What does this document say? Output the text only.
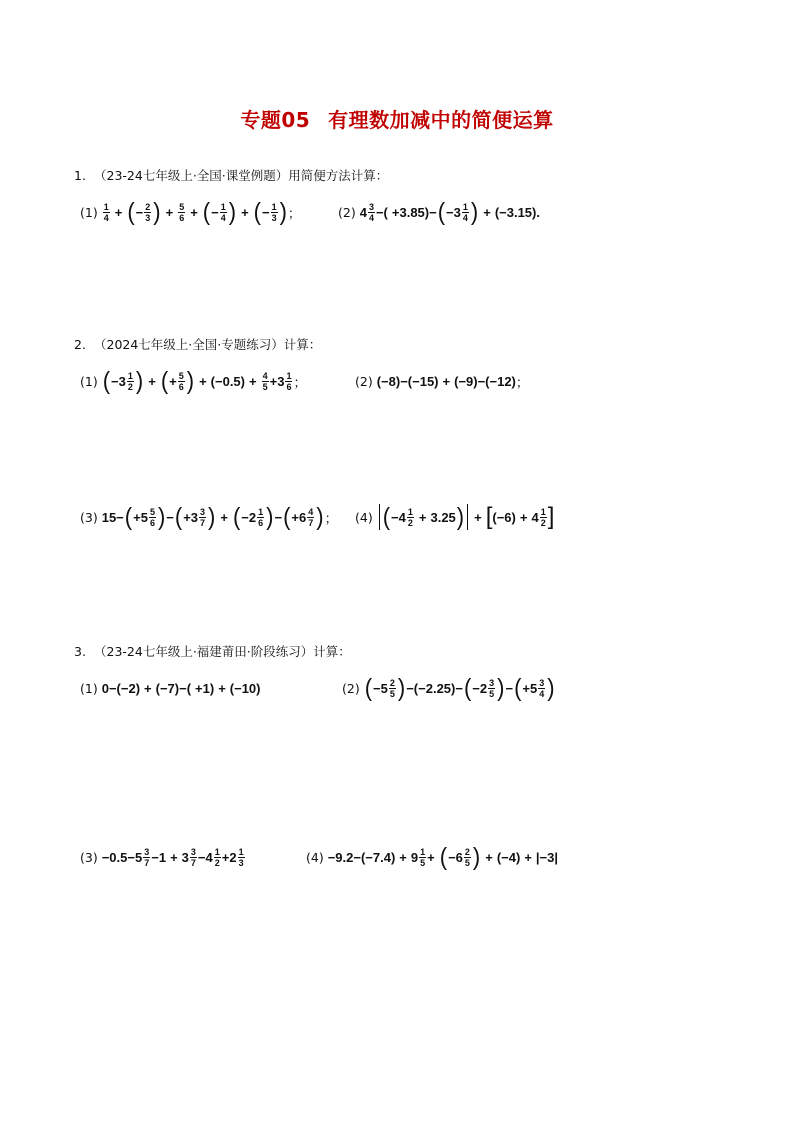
专题05 有理数加减中的简便运算
1. （23-24七年级上·全国·课堂例题）用简便方法计算：
$(1) \frac{1}{4}$ + ( − $\frac{2}{3}$ ) + $\frac{5}{6}$ + ( − $\frac{1}{4}$ ) + ( − $\frac{1}{3}$ ) ；	(2) $4 \frac{3}{4}$ −( +3.85)− ( $-3 \frac{1}{4}$ ) + (−3.15).
2. （2024七年级上·全国·专题练习）计算：
(1) ( $-3 \frac{1}{2}$ ) + ( + $\frac{5}{6}$ ) + $(-0.5) + \frac{4}{5} +3 \frac{1}{6}$ ；	(2) (−8)−(−15) + (−9)−(−12) ；
(3) 15− ( $+5 \frac{5}{6}$ ) − ( $+3 \frac{3}{7}$ ) + ( $-2 \frac{1}{6}$ ) − ( $+6 \frac{4}{7}$ ) ； (4) ( $-4 \frac{1}{2} + 3.25$ ) + [ $(-6) + 4 \frac{1}{2}$ ]
3. （23-24七年级上·福建莆田·阶段练习）计算：
(1) 0−(−2) + (−7)−( +1) + (−10)	(2) ( $-5 \frac{2}{5}$ ) −(−2.25)− ( $-2 \frac{3}{5}$ ) − ( $+5 \frac{3}{4}$ )
$(3) -0.5-5 \frac{3}{7} -1 + 3 \frac{3}{7} -4 \frac{1}{2} +2 \frac{1}{3}$	$(4) -9.2-(-7.4) + 9 \frac{1}{5}$ + ( $-6 \frac{2}{5}$ ) + (−4) + |−3|
